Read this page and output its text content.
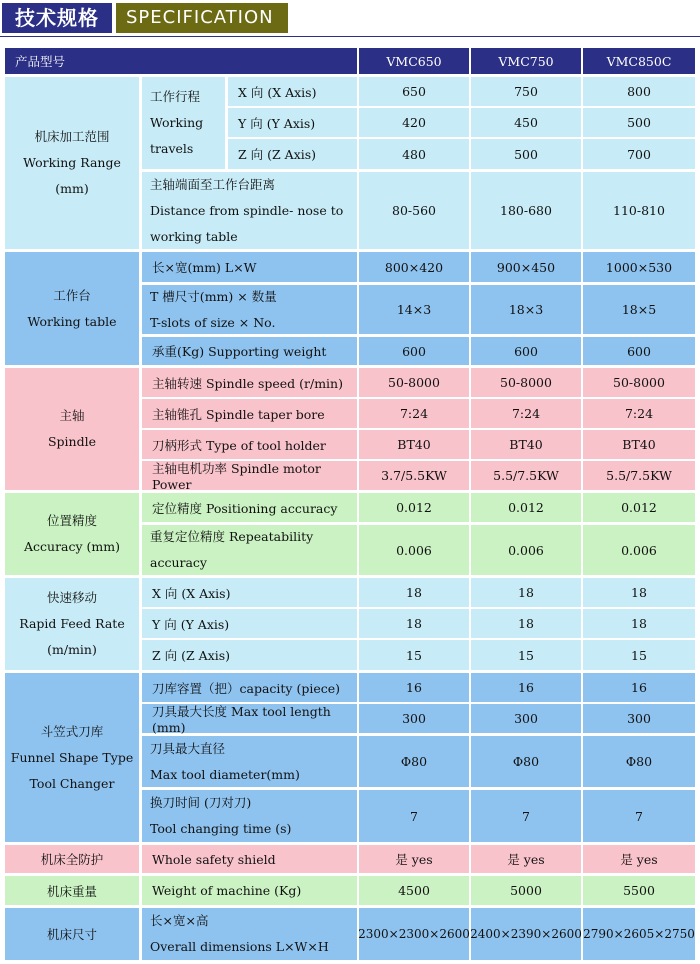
技术规格	SPECIFICATION
产品型号	VMC650	VMC750	VMC850C
机床加工范围
Working Range
(mm)
工作行程
Working
travels
X 向 (X Axis)	650	750	800
Y 向 (Y Axis)	420	450	500
Z 向 (Z Axis)	480	500	700
主轴端面至工作台距离
Distance from spindle- nose to
working table
80-560	180-680	110-810
工作台
Working table
长×宽(mm) L×W	800×420	900×450	1000×530
T 槽尺寸(mm) × 数量
T-slots of size × No.
14×3	18×3	18×5
承重(Kg) Supporting weight	600	600	600
主轴
Spindle
主轴转速 Spindle speed (r/min)	50-8000	50-8000	50-8000
主轴锥孔 Spindle taper bore	7:24	7:24	7:24
刀柄形式 Type of tool holder	BT40	BT40	BT40
主轴电机功率 Spindle motor Power
3.7/5.5KW	5.5/7.5KW	5.5/7.5KW
位置精度
Accuracy (mm)
定位精度 Positioning accuracy	0.012	0.012	0.012
重复定位精度 Repeatability
accuracy
0.006	0.006	0.006
快速移动
Rapid Feed Rate
(m/min)
X 向 (X Axis)	18	18	18
Y 向 (Y Axis)	18	18	18
Z 向 (Z Axis)	15	15	15
斗笠式刀库
Funnel Shape Type
Tool Changer
刀库容置（把）capacity (piece)	16	16	16
刀具最大长度 Max tool length (mm)
300	300	300
刀具最大直径
Max tool diameter(mm)
Φ80	Φ80	Φ80
换刀时间 (刀对刀)
Tool changing time (s)
7	7	7
机床全防护	Whole safety shield	是 yes	是 yes	是 yes
机床重量	Weight of machine (Kg)	4500	5000	5500
机床尺寸
长×宽×高
Overall dimensions L×W×H
2300×2300×2600 2400×2390×2600 2790×2605×2750
